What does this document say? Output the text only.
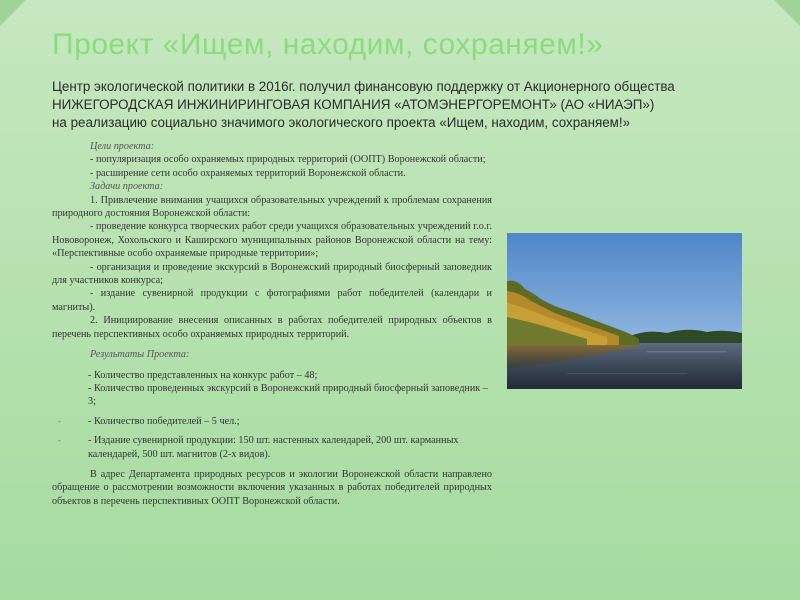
Проект «Ищем, находим, сохраняем!»
Центр экологической политики в 2016г. получил финансовую поддержку от Акционерного общества
НИЖЕГОРОДСКАЯ ИНЖИНИРИНГОВАЯ КОМПАНИЯ «АТОМЭНЕРГОРЕМОНТ» (АО «НИАЭП»)
на реализацию социально значимого экологического проекта «Ищем, находим, сохраняем!»
Цели проекта:

- популяризация особо охраняемых природных территорий (ООПТ) Воронежской области;

- расширение сети особо охраняемых территорий Воронежской области.

Задачи проекта:

1. Привлечение внимания учащихся образовательных учреждений к проблемам сохранения природного достояния Воронежской области:

- проведение конкурса творческих работ среди учащихся образовательных учреждений г.о.г. Нововоронеж, Хохольского и Каширского муниципальных районов Воронежской области на тему: «Перспективные особо охраняемые природные территории»;

- организация и проведение экскурсий в Воронежский природный биосферный заповедник для участников конкурса;

- издание сувенирной продукции с фотографиями работ победителей (календари и магниты).

2. Инициирование внесения описанных в работах победителей природных объектов в перечень перспективных особо охраняемых природных территорий.

Результаты Проекта:
- Количество представленных на конкурс работ – 48;
- Количество проведенных экскурсий в Воронежский природный биосферный заповедник – 3;
-	- Количество победителей – 5 чел.;
-	- Издание сувенирной продукции: 150 шт. настенных календарей, 200 шт. карманных календарей, 500 шт. магнитов (2-х видов).

В адрес Департамента природных ресурсов и экологии Воронежской области направлено обращение о рассмотрении возможности включения указанных в работах победителей природных объектов в перечень перспективных ООПТ Воронежской области.
